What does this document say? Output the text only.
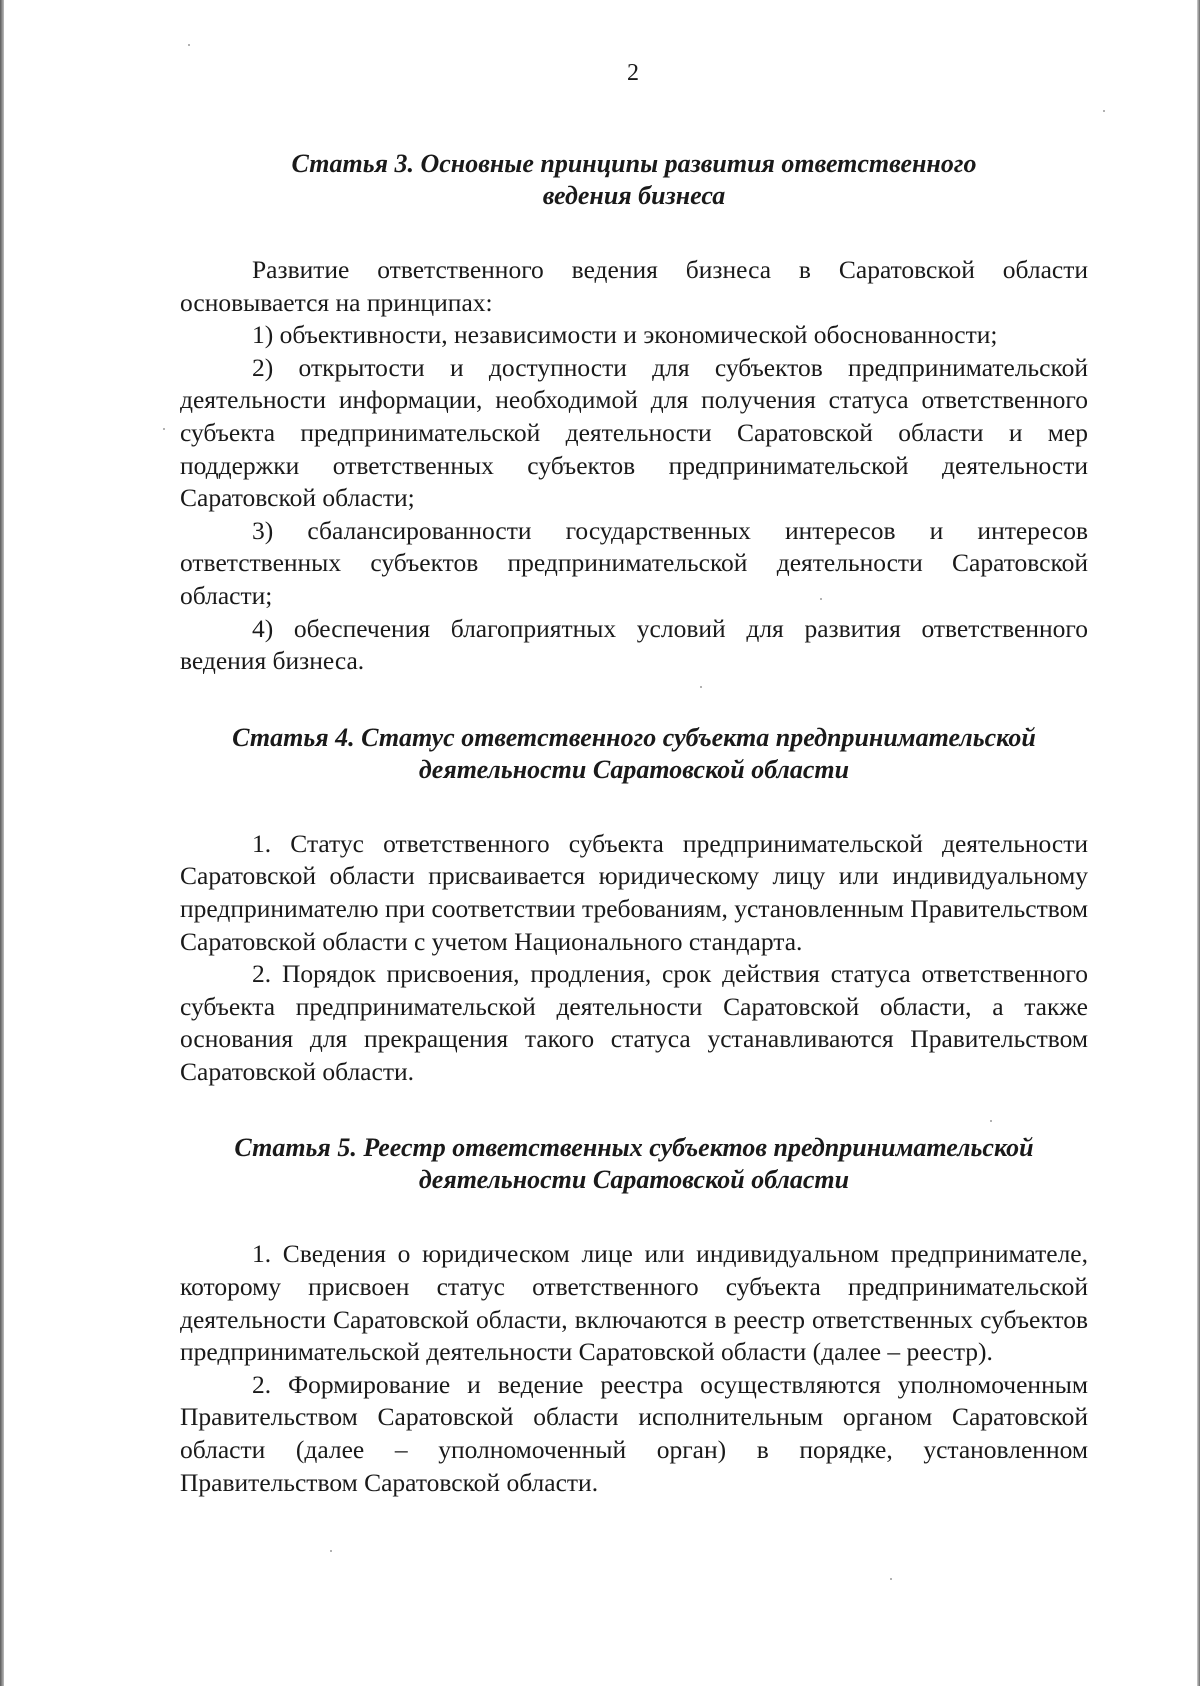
2
Статья 3. Основные принципы развития ответственного
ведения бизнеса

Развитие ответственного ведения бизнеса в Саратовской области основывается на принципах:

1) объективности, независимости и экономической обоснованности;

2) открытости и доступности для субъектов предпринимательской деятельности информации, необходимой для получения статуса ответственного субъекта предпринимательской деятельности Саратовской области и мер поддержки ответственных субъектов предпринимательской деятельности Саратовской области;

3) сбалансированности государственных интересов и интересов ответственных субъектов предпринимательской деятельности Саратовской области;

4) обеспечения благоприятных условий для развития ответственного ведения бизнеса.

Статья 4. Статус ответственного субъекта предпринимательской
деятельности Саратовской области

1. Статус ответственного субъекта предпринимательской деятельности Саратовской области присваивается юридическому лицу или индивидуальному предпринимателю при соответствии требованиям, установленным Правительством Саратовской области с учетом Национального стандарта.

2. Порядок присвоения, продления, срок действия статуса ответственного субъекта предпринимательской деятельности Саратовской области, а также основания для прекращения такого статуса устанавливаются Правительством Саратовской области.

Статья 5. Реестр ответственных субъектов предпринимательской
деятельности Саратовской области

1. Сведения о юридическом лице или индивидуальном предпринимателе, которому присвоен статус ответственного субъекта предпринимательской деятельности Саратовской области, включаются в реестр ответственных субъектов предпринимательской деятельности Саратовской области (далее – реестр).

2. Формирование и ведение реестра осуществляются уполномоченным Правительством Саратовской области исполнительным органом Саратовской области (далее – уполномоченный орган) в порядке, установленном Правительством Саратовской области.
